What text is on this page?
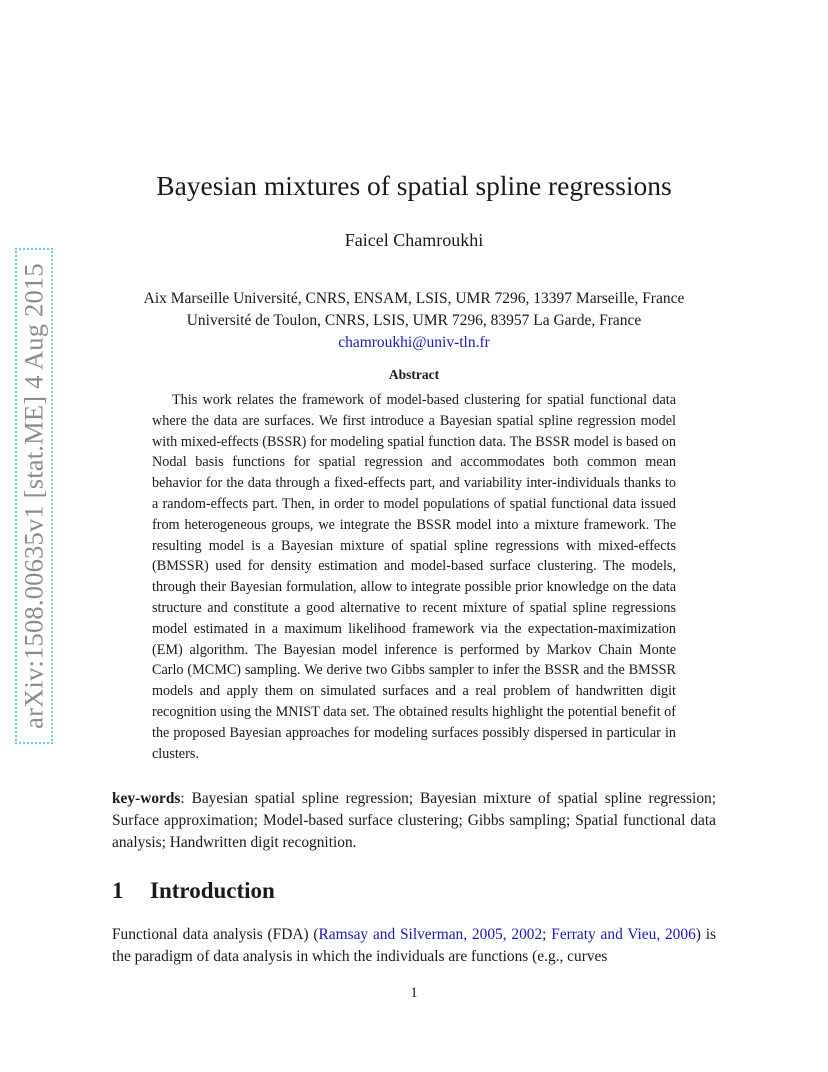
arXiv:1508.00635v1 [stat.ME] 4 Aug 2015
Bayesian mixtures of spatial spline regressions
Faicel Chamroukhi
Aix Marseille Université, CNRS, ENSAM, LSIS, UMR 7296, 13397 Marseille, France
Université de Toulon, CNRS, LSIS, UMR 7296, 83957 La Garde, France
chamroukhi@univ-tln.fr
Abstract
This work relates the framework of model-based clustering for spatial functional data where the data are surfaces. We first introduce a Bayesian spatial spline regression model with mixed-effects (BSSR) for modeling spatial function data. The BSSR model is based on Nodal basis functions for spatial regression and accommodates both common mean behavior for the data through a fixed-effects part, and variability inter-individuals thanks to a random-effects part. Then, in order to model populations of spatial functional data issued from heterogeneous groups, we integrate the BSSR model into a mixture framework. The resulting model is a Bayesian mixture of spatial spline regressions with mixed-effects (BMSSR) used for density estimation and model-based surface clustering. The models, through their Bayesian formulation, allow to integrate possible prior knowledge on the data structure and constitute a good alternative to recent mixture of spatial spline regressions model estimated in a maximum likelihood framework via the expectation-maximization (EM) algorithm. The Bayesian model inference is performed by Markov Chain Monte Carlo (MCMC) sampling. We derive two Gibbs sampler to infer the BSSR and the BMSSR models and apply them on simulated surfaces and a real problem of handwritten digit recognition using the MNIST data set. The obtained results highlight the potential benefit of the proposed Bayesian approaches for modeling surfaces possibly dispersed in particular in clusters.
key-words: Bayesian spatial spline regression; Bayesian mixture of spatial spline regression; Surface approximation; Model-based surface clustering; Gibbs sampling; Spatial functional data analysis; Handwritten digit recognition.
1 Introduction
Functional data analysis (FDA) (Ramsay and Silverman, 2005, 2002; Ferraty and Vieu, 2006) is the paradigm of data analysis in which the individuals are functions (e.g., curves
1
